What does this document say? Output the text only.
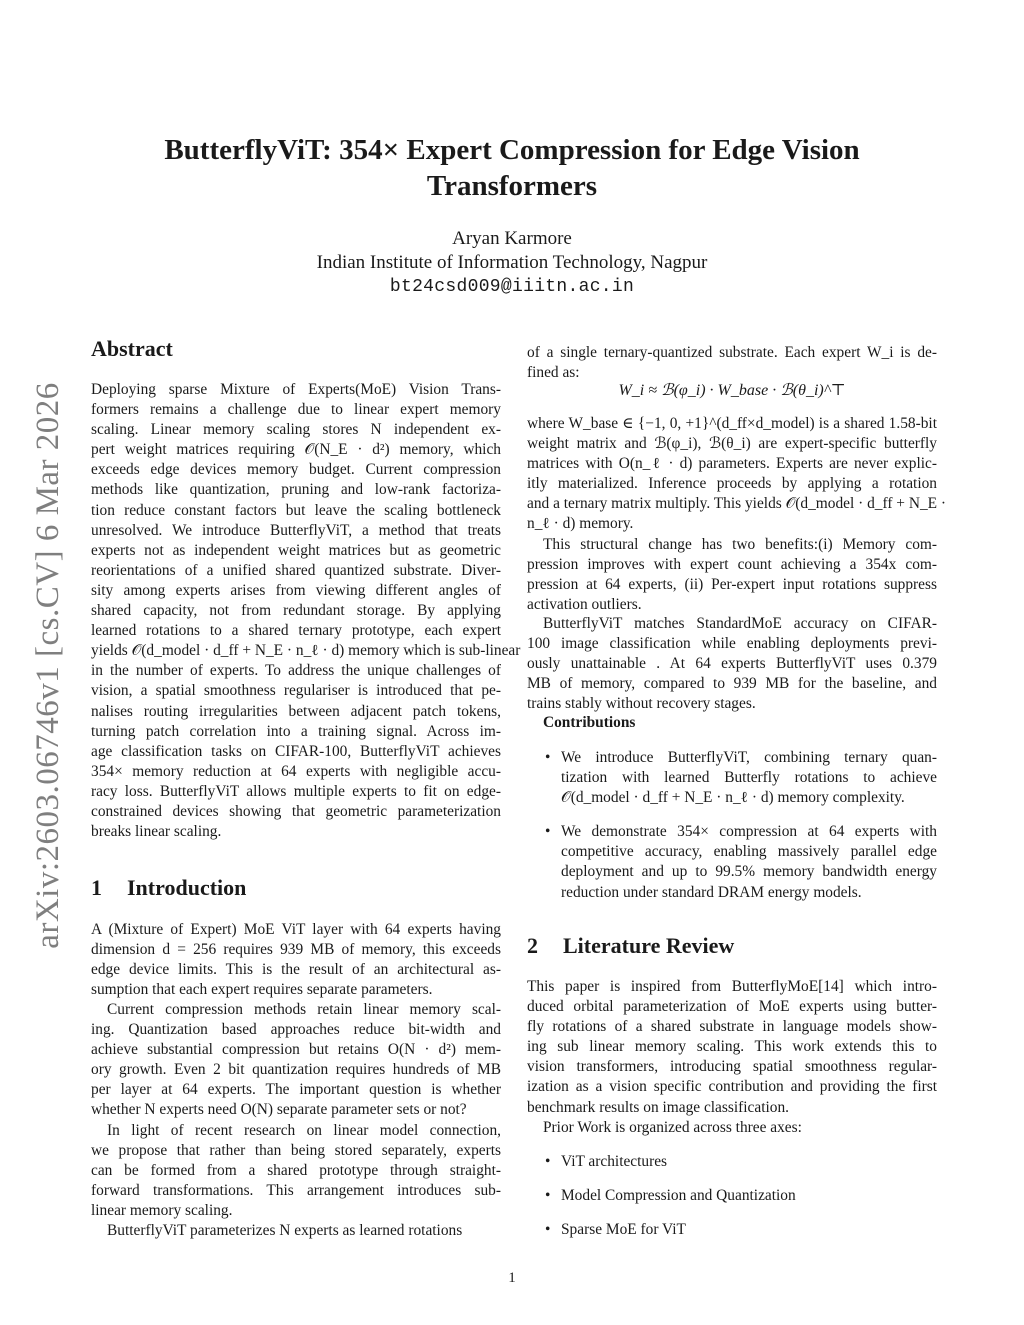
arXiv:2603.06746v1 [cs.CV] 6 Mar 2026
ButterflyViT: 354× Expert Compression for Edge Vision
Transformers
Aryan Karmore
Indian Institute of Information Technology, Nagpur
bt24csd009@iiitn.ac.in
Abstract
Deploying sparse Mixture of Experts(MoE) Vision Trans-
formers remains a challenge due to linear expert memory
scaling. Linear memory scaling stores N independent ex-
pert weight matrices requiring 𝒪(N_E · d²) memory, which
exceeds edge devices memory budget. Current compression
methods like quantization, pruning and low-rank factoriza-
tion reduce constant factors but leave the scaling bottleneck
unresolved. We introduce ButterflyViT, a method that treats
experts not as independent weight matrices but as geometric
reorientations of a unified shared quantized substrate. Diver-
sity among experts arises from viewing different angles of
shared capacity, not from redundant storage. By applying
learned rotations to a shared ternary prototype, each expert
yields 𝒪(d_model · d_ff + N_E · n_ℓ · d) memory which is sub-linear
in the number of experts. To address the unique challenges of
vision, a spatial smoothness regulariser is introduced that pe-
nalises routing irregularities between adjacent patch tokens,
turning patch correlation into a training signal. Across im-
age classification tasks on CIFAR-100, ButterflyViT achieves
354× memory reduction at 64 experts with negligible accu-
racy loss. ButterflyViT allows multiple experts to fit on edge-
constrained devices showing that geometric parameterization
breaks linear scaling.
1 Introduction
A (Mixture of Expert) MoE ViT layer with 64 experts having
dimension d = 256 requires 939 MB of memory, this exceeds
edge device limits. This is the result of an architectural as-
sumption that each expert requires separate parameters.
Current compression methods retain linear memory scal-
ing. Quantization based approaches reduce bit-width and
achieve substantial compression but retains O(N · d²) mem-
ory growth. Even 2 bit quantization requires hundreds of MB
per layer at 64 experts. The important question is whether
whether N experts need O(N) separate parameter sets or not?
In light of recent research on linear model connection,
we propose that rather than being stored separately, experts
can be formed from a shared prototype through straight-
forward transformations. This arrangement introduces sub-
linear memory scaling.
ButterflyViT parameterizes N experts as learned rotations
of a single ternary-quantized substrate. Each expert W_i is de-
fined as:
W_i ≈ ℬ(φ_i) · W_base · ℬ(θ_i)^⊤
where W_base ∈ {−1, 0, +1}^(d_ff×d_model) is a shared 1.58-bit
weight matrix and ℬ(φ_i), ℬ(θ_i) are expert-specific butterfly
matrices with O(n_ℓ · d) parameters. Experts are never explic-
itly materialized. Inference proceeds by applying a rotation
and a ternary matrix multiply. This yields 𝒪(d_model · d_ff + N_E ·
n_ℓ · d) memory.
This structural change has two benefits:(i) Memory com-
pression improves with expert count achieving a 354x com-
pression at 64 experts, (ii) Per-expert input rotations suppress
activation outliers.
ButterflyViT matches StandardMoE accuracy on CIFAR-
100 image classification while enabling deployments previ-
ously unattainable . At 64 experts ButterflyViT uses 0.379
MB of memory, compared to 939 MB for the baseline, and
trains stably without recovery stages.
Contributions
• We introduce ButterflyViT, combining ternary quan-
tization with learned Butterfly rotations to achieve
𝒪(d_model · d_ff + N_E · n_ℓ · d) memory complexity.
• We demonstrate 354× compression at 64 experts with
competitive accuracy, enabling massively parallel edge
deployment and up to 99.5% memory bandwidth energy
reduction under standard DRAM energy models.
2 Literature Review
This paper is inspired from ButterflyMoE[14] which intro-
duced orbital parameterization of MoE experts using butter-
fly rotations of a shared substrate in language models show-
ing sub linear memory scaling. This work extends this to
vision transformers, introducing spatial smoothness regular-
ization as a vision specific contribution and providing the first
benchmark results on image classification.
Prior Work is organized across three axes:
• ViT architectures
• Model Compression and Quantization
• Sparse MoE for ViT
1
